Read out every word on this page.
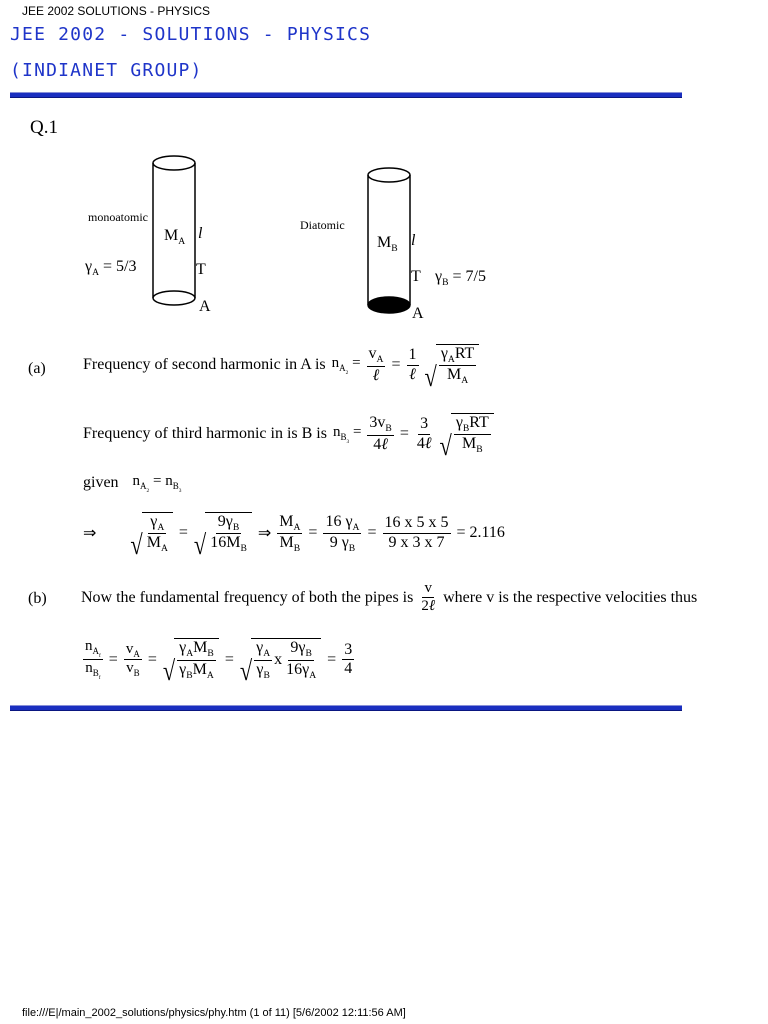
JEE 2002 SOLUTIONS - PHYSICS
JEE 2002 - SOLUTIONS - PHYSICS
(INDIANET GROUP)
Q.1
monoatomic
$M_A$ l
$\gamma_A = 5/3$	T
A
Diatomic
$M_B$ l
T $\gamma_B = 7/5$
A
(a) Frequency of second harmonic in A is $n_{A_2} = \frac{v_A}{\text{ℓ}} = \frac{1}{\text{ℓ}}$ √ $\frac{\gamma_ART}{M_A}$
Frequency of third harmonic in is B is $n_{B_3} = \frac{3v_B}{\text{4ℓ}} = \frac{3}{\text{4ℓ}}$ √ $\frac{\gamma_BRT}{M_B}$
given $n_{A_2} = n_{B_3}$
⇒ √ $\frac{\gamma_A}{M_A}$ = √ $\frac{9\gamma_B}{16M_B}$ ⇒ $\frac{M_A}{M_B} = \frac{16 \gamma_A}{9 \gamma_B} = \frac{16 x 5 x 5}{9 x 3 x 7} = 2.116$
(b) Now the fundamental frequency of both the pipes is $\frac{v}{\text{2ℓ}}$ where v is the respective velocities thus
$\frac{n_{A_f}}{n_{B_f}} = \frac{v_A}{v_B}$ = √ $\frac{\gamma_AM_B}{\gamma_BM_A}$ = √ $\frac{\gamma_A}{\gamma_B}$ x $\frac{9\gamma_B}{16\gamma_A} = \frac{3}{4}$
file:///E|/main_2002_solutions/physics/phy.htm (1 of 11) [5/6/2002 12:11:56 AM]
